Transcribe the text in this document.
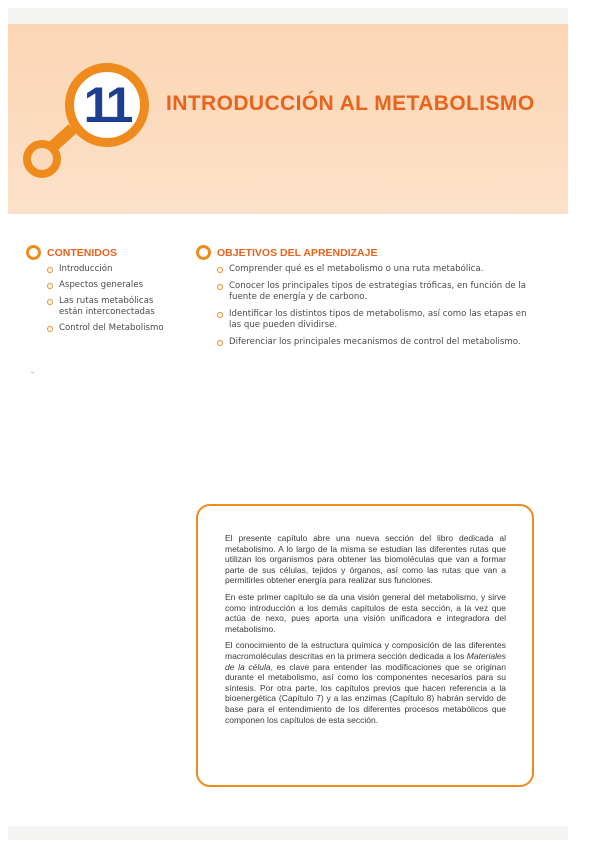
11	INTRODUCCIÓN AL METABOLISMO
CONTENIDOS
Introducción
Aspectos generales
Las rutas metabólicas están interconectadas
Control del Metabolismo
OBJETIVOS DEL APRENDIZAJE
Comprender qué es el metabolismo o una ruta metabólica.
Conocer los principales tipos de estrategias tróficas, en función de la fuente de energía y de carbono.
Identificar los distintos tipos de metabolismo, así como las etapas en las que pueden dividirse.
Diferenciar los principales mecanismos de control del metabolismo.

El presente capítulo abre una nueva sección del libro dedicada al metabolismo. A lo largo de la misma se estudian las diferentes rutas que utilizan los organismos para obtener las biomoléculas que van a formar parte de sus células, tejidos y órganos, así como las rutas que van a permitirles obtener energía para realizar sus funciones.

En este primer capítulo se da una visión general del metabolismo, y sirve como introducción a los demás capítulos de esta sección, a la vez que actúa de nexo, pues aporta una visión unificadora e integradora del metabolismo.

El conocimiento de la estructura química y composición de las diferentes macromoléculas descritas en la primera sección dedicada a los Materiales de la célula, es clave para entender las modificaciones que se originan durante el metabolismo, así como los componentes necesarios para su síntesis. Por otra parte, los capítulos previos que hacen referencia a la bioenergética (Capítulo 7) y a las enzimas (Capítulo 8) habrán servido de base para el entendimiento de los diferentes procesos metabólicos que componen los capítulos de esta sección.
